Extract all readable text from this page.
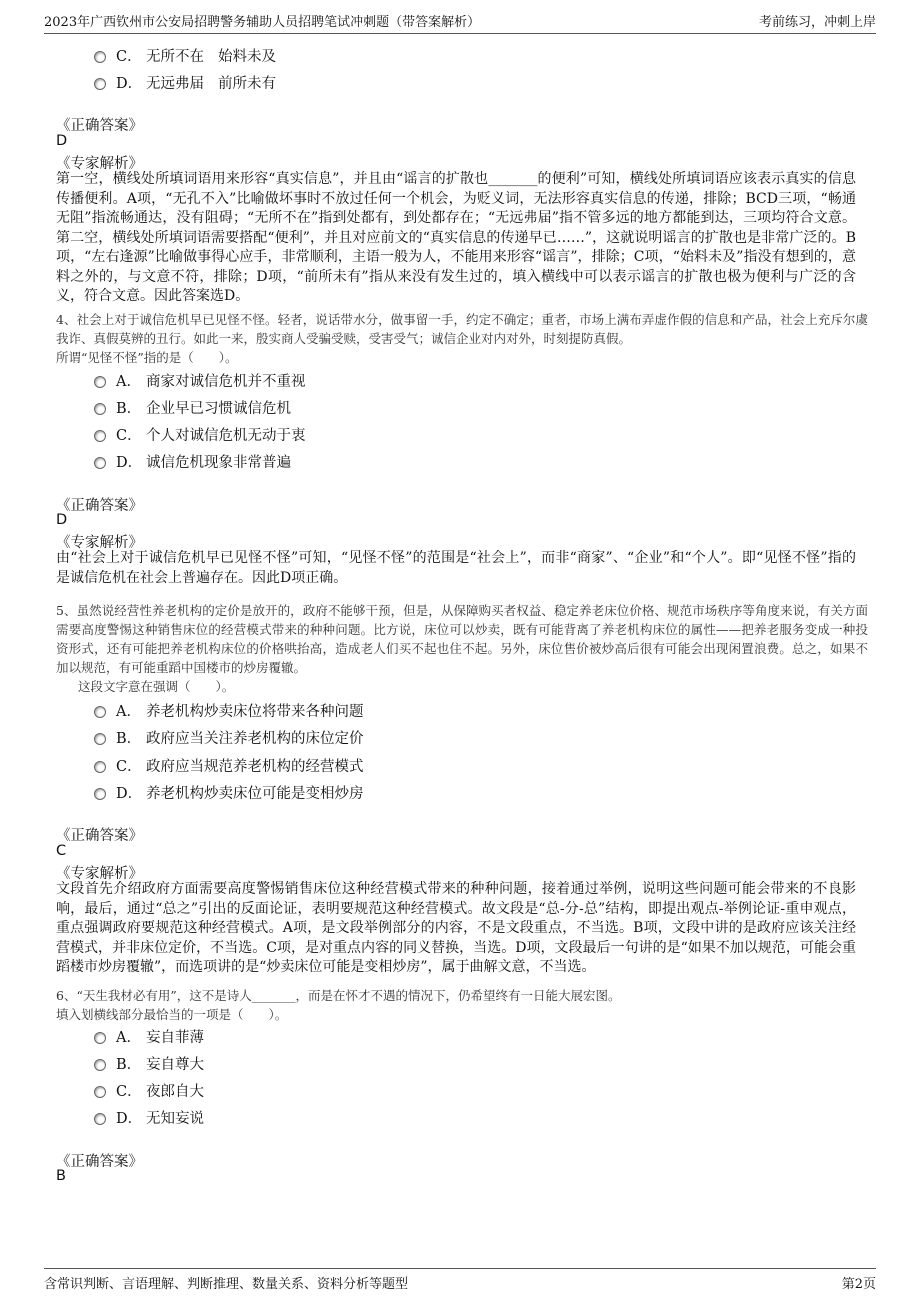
2023年广西钦州市公安局招聘警务辅助人员招聘笔试冲刺题（带答案解析）	考前练习，冲刺上岸
C． 无所不在 始料未及
D． 无远弗届 前所未有
《正确答案》
D
《专家解析》
第一空，横线处所填词语用来形容“真实信息”，并且由“谣言的扩散也_______的便利”可知，横线处所填词语应该表示真实的信息传播便利。A项，“无孔不入”比喻做坏事时不放过任何一个机会，为贬义词，无法形容真实信息的传递，排除；BCD三项，“畅通无阻”指流畅通达，没有阻碍；“无所不在”指到处都有，到处都存在；“无远弗届”指不管多远的地方都能到达，三项均符合文意。第二空，横线处所填词语需要搭配“便利”，并且对应前文的“真实信息的传递早已……”，这就说明谣言的扩散也是非常广泛的。B项，“左右逢源”比喻做事得心应手，非常顺利，主语一般为人，不能用来形容“谣言”，排除；C项，“始料未及”指没有想到的，意料之外的，与文意不符，排除；D项，“前所未有”指从来没有发生过的，填入横线中可以表示谣言的扩散也极为便利与广泛的含义，符合文意。因此答案选D。
4、社会上对于诚信危机早已见怪不怪。轻者，说话带水分，做事留一手，约定不确定；重者，市场上满布弄虚作假的信息和产品，社会上充斥尔虞我诈、真假莫辨的丑行。如此一来，殷实商人受骗受赎，受害受气；诚信企业对内对外，时刻提防真假。
所谓“见怪不怪”指的是（　　）。
A． 商家对诚信危机并不重视
B． 企业早已习惯诚信危机
C． 个人对诚信危机无动于衷
D． 诚信危机现象非常普遍
《正确答案》
D
《专家解析》
由“社会上对于诚信危机早已见怪不怪”可知，“见怪不怪”的范围是“社会上”，而非“商家”、“企业”和“个人”。即“见怪不怪”指的是诚信危机在社会上普遍存在。因此D项正确。
5、虽然说经营性养老机构的定价是放开的，政府不能够干预，但是，从保障购买者权益、稳定养老床位价格、规范市场秩序等角度来说，有关方面需要高度警惕这种销售床位的经营模式带来的种种问题。比方说，床位可以炒卖，既有可能背离了养老机构床位的属性——把养老服务变成一种投资形式，还有可能把养老机构床位的价格哄抬高，造成老人们买不起也住不起。另外，床位售价被炒高后很有可能会出现闲置浪费。总之，如果不加以规范，有可能重蹈中国楼市的炒房覆辙。
这段文字意在强调（　　）。
A． 养老机构炒卖床位将带来各种问题
B． 政府应当关注养老机构的床位定价
C． 政府应当规范养老机构的经营模式
D． 养老机构炒卖床位可能是变相炒房
《正确答案》
C
《专家解析》
文段首先介绍政府方面需要高度警惕销售床位这种经营模式带来的种种问题，接着通过举例，说明这些问题可能会带来的不良影响，最后，通过“总之”引出的反面论证，表明要规范这种经营模式。故文段是“总-分-总”结构，即提出观点-举例论证-重申观点，重点强调政府要规范这种经营模式。A项，是文段举例部分的内容，不是文段重点，不当选。B项，文段中讲的是政府应该关注经营模式，并非床位定价，不当选。C项，是对重点内容的同义替换，当选。D项，文段最后一句讲的是“如果不加以规范，可能会重蹈楼市炒房覆辙”，而选项讲的是“炒卖床位可能是变相炒房”，属于曲解文意，不当选。
6、“天生我材必有用”，这不是诗人_______，而是在怀才不遇的情况下，仍希望终有一日能大展宏图。
填入划横线部分最恰当的一项是（　　）。
A． 妄自菲薄
B． 妄自尊大
C． 夜郎自大
D． 无知妄说
《正确答案》
B
含常识判断、言语理解、判断推理、数量关系、资料分析等题型	第2页
